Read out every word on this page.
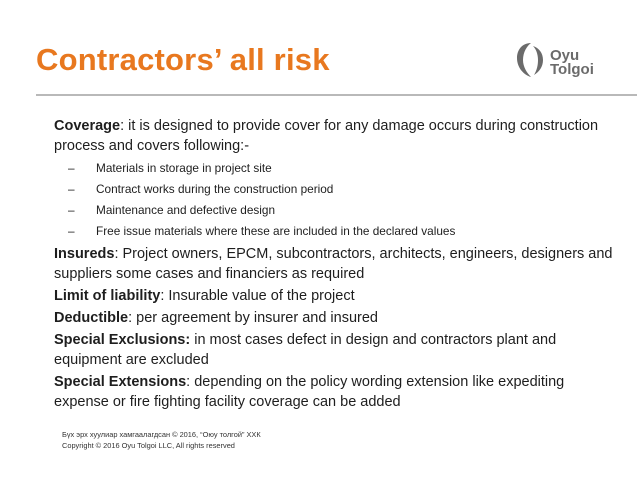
Contractors’ all risk	Oyu
Tolgoi

Coverage: it is designed to provide cover for any damage occurs during construction process and covers following:-

– Materials in storage in project site
– Contract works during the construction period
– Maintenance and defective design
– Free issue materials where these are included in the declared values

Insureds: Project owners, EPCM, subcontractors, architects, engineers, designers and suppliers some cases and financiers as required

Limit of liability: Insurable value of the project

Deductible: per agreement by insurer and insured

Special Exclusions: in most cases defect in design and contractors plant and equipment are excluded

Special Extensions: depending on the policy wording extension like expediting expense or fire fighting facility coverage can be added

Бүх эрх хуулиар хамгаалагдсан © 2016, “Оюу толгой” ХХК
Copyright © 2016 Oyu Tolgoi LLC, All rights reserved
